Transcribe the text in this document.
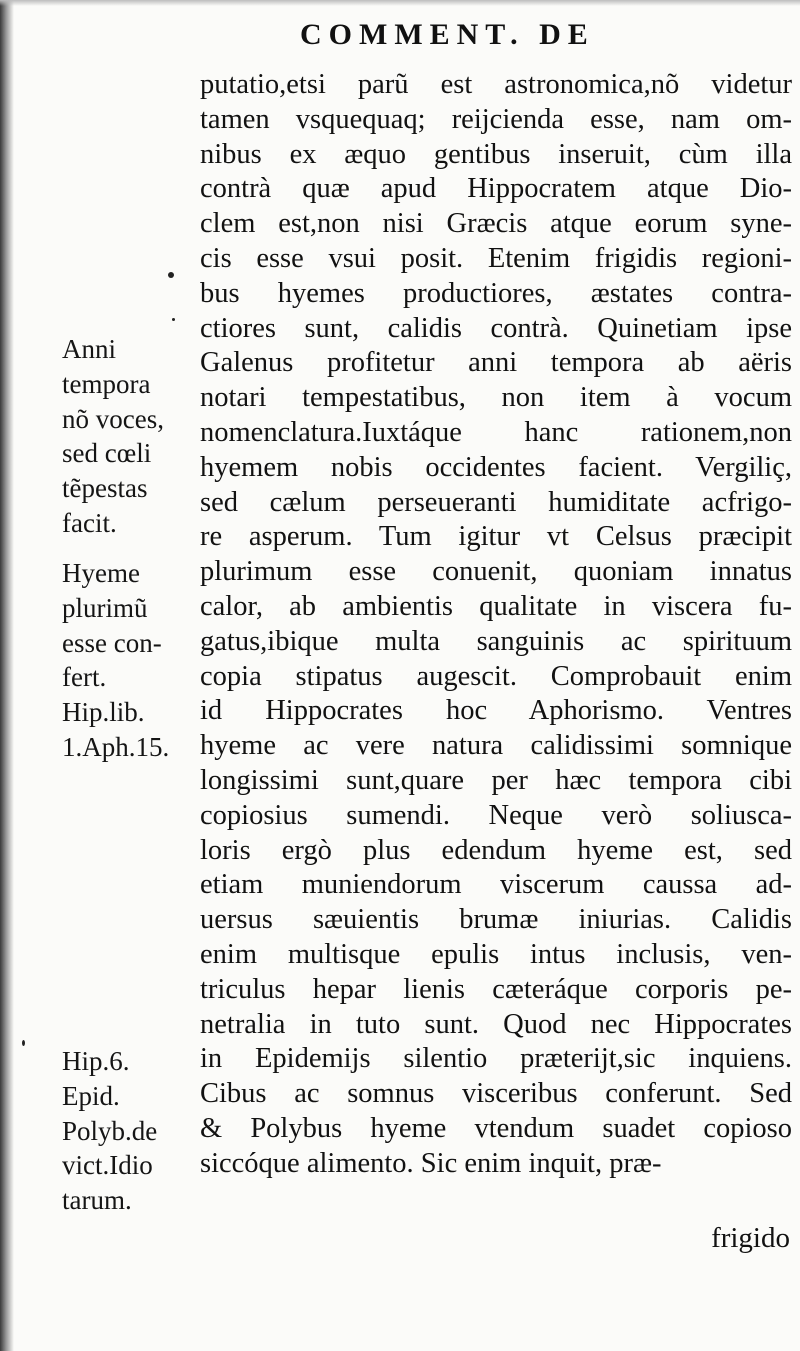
COMMENT. DE
Anni
tempora
nõ voces,
sed cœli
tẽpestas
facit.
Hyeme
plurimũ
esse con-
fert.
Hip.lib.
1.Aph.15.
Hip.6.
Epid.
Polyb.de
vict.Idio
tarum.
putatio,etsi parũ est astronomica,nõ videtur
tamen vsquequaq; reijcienda esse, nam om-
nibus ex æquo gentibus inseruit, cùm illa
contrà quæ apud Hippocratem atque Dio-
clem est,non nisi Græcis atque eorum syne-
cis esse vsui posit. Etenim frigidis regioni-
bus hyemes productiores, æstates contra-
ctiores sunt, calidis contrà. Quinetiam ipse
Galenus profitetur anni tempora ab aëris
notari tempestatibus, non item à vocum
nomenclatura.Iuxtáque hanc rationem,non
hyemem nobis occidentes facient. Vergiliç,
sed cælum perseueranti humiditate acfrigo-
re asperum. Tum igitur vt Celsus præcipit
plurimum esse conuenit, quoniam innatus
calor, ab ambientis qualitate in viscera fu-
gatus,ibique multa sanguinis ac spirituum
copia stipatus augescit. Comprobauit enim
id Hippocrates hoc Aphorismo. Ventres
hyeme ac vere natura calidissimi somnique
longissimi sunt,quare per hæc tempora cibi
copiosius sumendi. Neque verò soliusca-
loris ergò plus edendum hyeme est, sed
etiam muniendorum viscerum caussa ad-
uersus sæuientis brumæ iniurias. Calidis
enim multisque epulis intus inclusis, ven-
triculus hepar lienis cæteráque corporis pe-
netralia in tuto sunt. Quod nec Hippocrates
in Epidemijs silentio præterijt,sic inquiens.
Cibus ac somnus visceribus conferunt. Sed
& Polybus hyeme vtendum suadet copioso
siccóque alimento. Sic enim inquit, præ-
frigido
